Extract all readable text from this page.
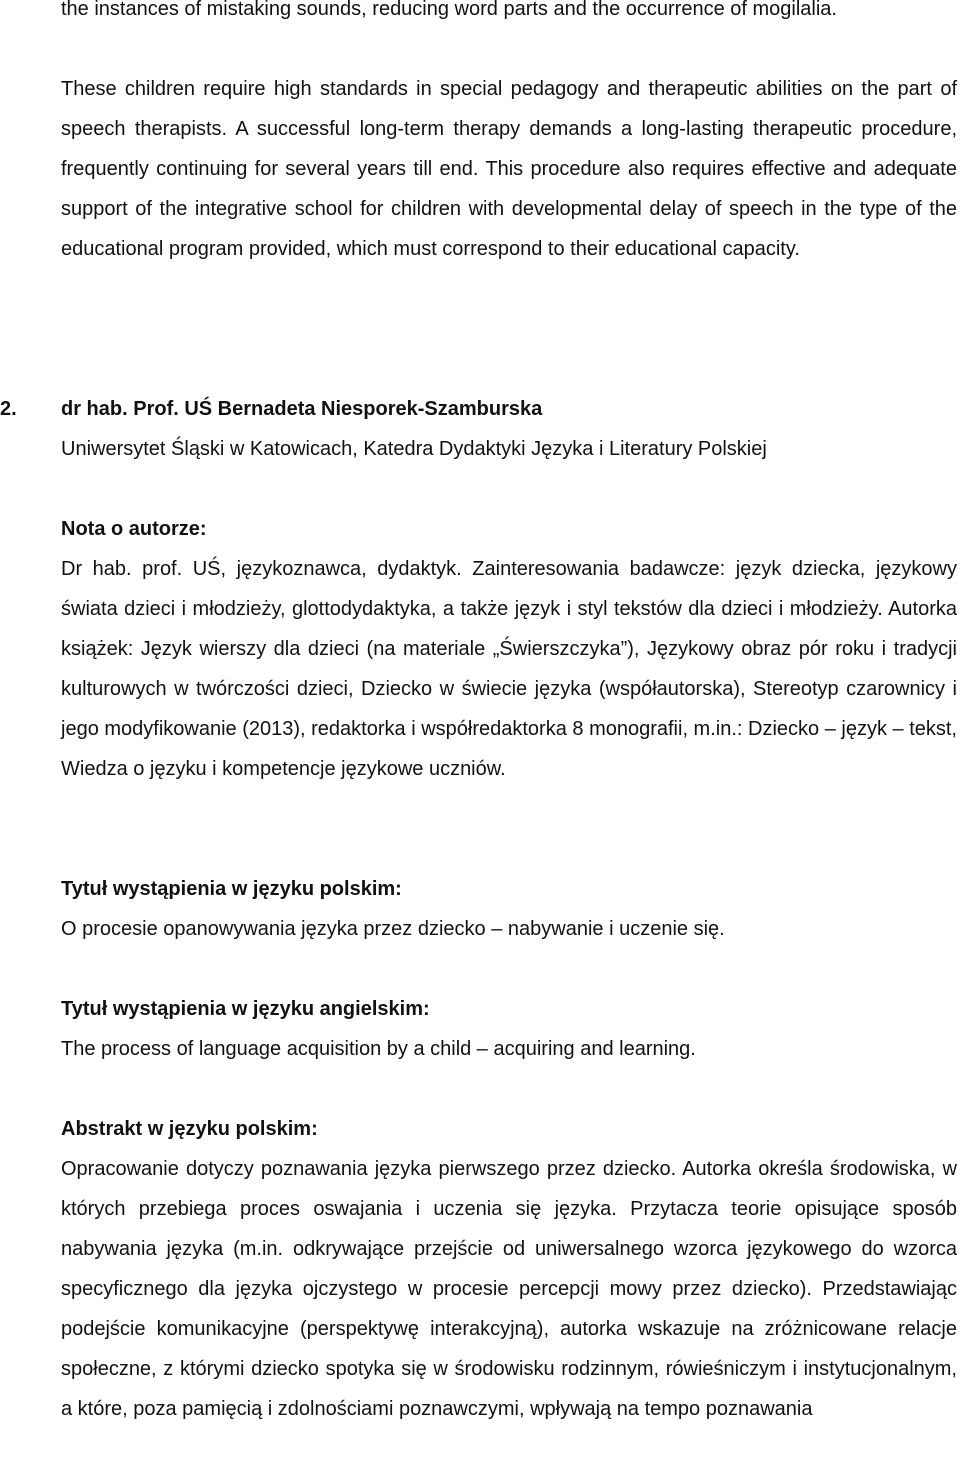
the instances of mistaking sounds, reducing word parts and the occurrence of mogilalia.

These children require high standards in special pedagogy and therapeutic abilities on the part of speech therapists. A successful long-term therapy demands a long-lasting therapeutic procedure, frequently continuing for several years till end. This procedure also requires effective and adequate support of the integrative school for children with developmental delay of speech in the type of the educational program provided, which must correspond to their educational capacity.

2. dr hab. Prof. UŚ Bernadeta Niesporek-Szamburska

Uniwersytet Śląski w Katowicach, Katedra Dydaktyki Języka i Literatury Polskiej

Nota o autorze:

Dr hab. prof. UŚ, językoznawca, dydaktyk. Zainteresowania badawcze: język dziecka, językowy świata dzieci i młodzieży, glottodydaktyka, a także język i styl tekstów dla dzieci i młodzieży. Autorka książek: Język wierszy dla dzieci (na materiale „Świerszczyka”), Językowy obraz pór roku i tradycji kulturowych w twórczości dzieci, Dziecko w świecie języka (współautorska), Stereotyp czarownicy i jego modyfikowanie (2013), redaktorka i współredaktorka 8 monografii, m.in.: Dziecko – język – tekst, Wiedza o języku i kompetencje językowe uczniów.

Tytuł wystąpienia w języku polskim:

O procesie opanowywania języka przez dziecko – nabywanie i uczenie się.

Tytuł wystąpienia w języku angielskim:

The process of language acquisition by a child – acquiring and learning.

Abstrakt w języku polskim:

Opracowanie dotyczy poznawania języka pierwszego przez dziecko. Autorka określa środowiska, w których przebiega proces oswajania i uczenia się języka. Przytacza teorie opisujące sposób nabywania języka (m.in. odkrywające przejście od uniwersalnego wzorca językowego do wzorca specyficznego dla języka ojczystego w procesie percepcji mowy przez dziecko). Przedstawiając podejście komunikacyjne (perspektywę interakcyjną), autorka wskazuje na zróżnicowane relacje społeczne, z którymi dziecko spotyka się w środowisku rodzinnym, rówieśniczym i instytucjonalnym, a które, poza pamięcią i zdolnościami poznawczymi, wpływają na tempo poznawania
